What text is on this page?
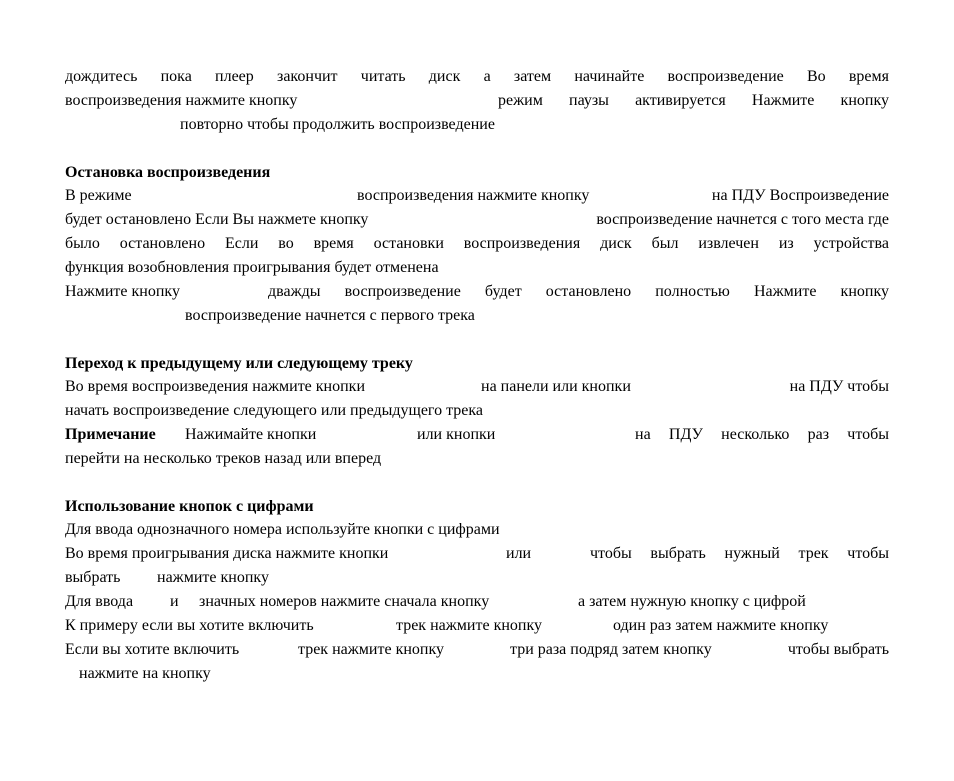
дождитесь пока плеер закончит читать диск а затем начинайте воспроизведение Во время

воспроизведения нажмите кнопку	режим паузы активируется Нажмите кнопку
повторно чтобы продолжить воспроизведение

Остановка воспроизведения

В режиме	воспроизведения нажмите кнопку	на ПДУ Воспроизведение
будет остановлено Если Вы нажмете кнопку	воспроизведение начнется с того места где

было остановлено Если во время остановки воспроизведения диск был извлечен из устройства

функция возобновления проигрывания будет отменена

Нажмите кнопку	дважды воспроизведение будет остановлено полностью Нажмите кнопку
воспроизведение начнется с первого трека

Переход к предыдущему или следующему треку

Во время воспроизведения нажмите кнопки	на панели или кнопки	на ПДУ чтобы

начать воспроизведение следующего или предыдущего трека

Примечание Нажимайте кнопки	или кнопки	на ПДУ несколько раз чтобы

перейти на несколько треков назад или вперед

Использование кнопок с цифрами

Для ввода однозначного номера используйте кнопки с цифрами

Во время проигрывания диска нажмите кнопки	или	чтобы выбрать нужный трек чтобы
выбрать нажмите кнопку
Для ввода и значных номеров нажмите сначала кнопку	а затем нужную кнопку с цифрой
К примеру если вы хотите включить	трек нажмите кнопку	один раз затем нажмите кнопку
Если вы хотите включить	трек нажмите кнопку	три раза подряд затем кнопку	чтобы выбрать
нажмите на кнопку
